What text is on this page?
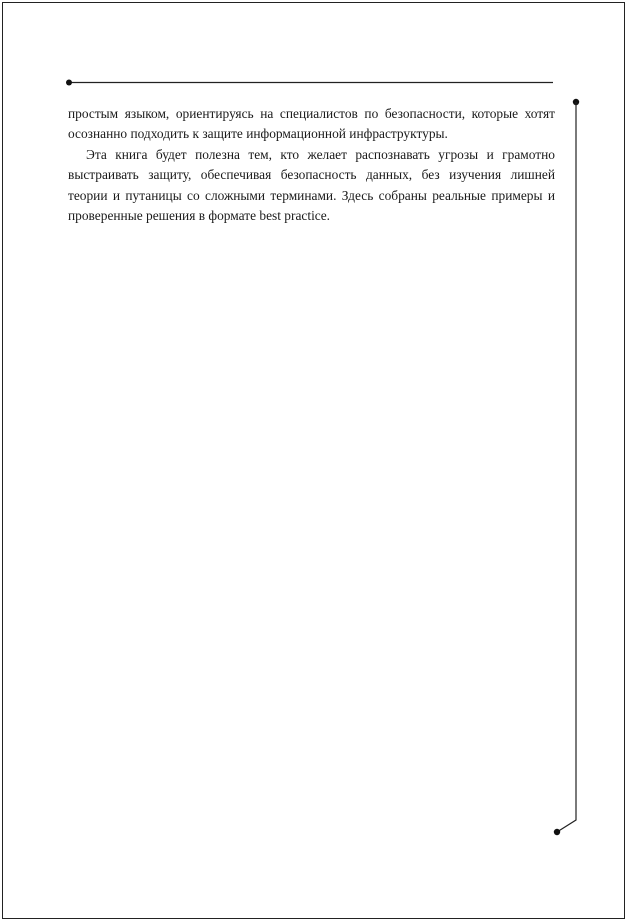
простым языком, ориентируясь на специалистов по безопасности, которые хотят осознанно подходить к защите информационной инфраструктуры.

Эта книга будет полезна тем, кто желает распознавать угрозы и грамотно выстраивать защиту, обеспечивая безопасность данных, без изучения лишней теории и путаницы со сложными терминами. Здесь собраны реальные примеры и проверенные решения в формате best practice.
